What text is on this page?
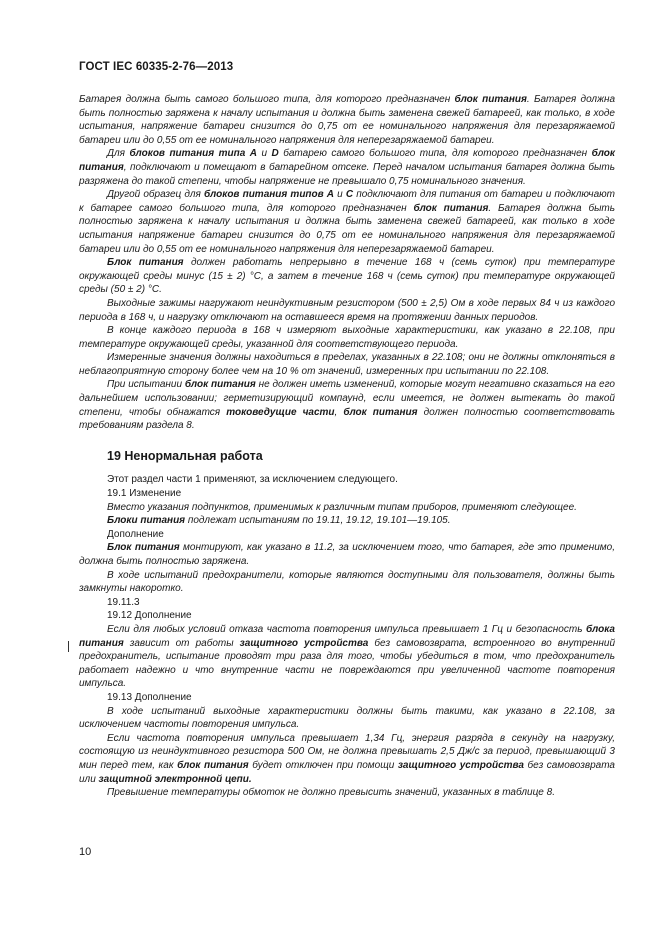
ГОСТ IEC 60335-2-76—2013

Батарея должна быть самого большого типа, для которого предназначен блок питания. Батарея должна быть полностью заряжена к началу испытания и должна быть заменена свежей батареей, как только, в ходе испытания, напряжение батареи снизится до 0,75 от ее номинального напряжения для перезаряжаемой батареи или до 0,55 от ее номинального напряжения для неперезаряжаемой батареи.

Для блоков питания типа A и D батарею самого большого типа, для которого предназначен блок питания, подключают и помещают в батарейном отсеке. Перед началом испытания батарея должна быть разряжена до такой степени, чтобы напряжение не превышало 0,75 номинального значения.

Другой образец для блоков питания типов A и C подключают для питания от батареи и подключают к батарее самого большого типа, для которого предназначен блок питания. Батарея должна быть полностью заряжена к началу испытания и должна быть заменена свежей батареей, как только в ходе испытания напряжение батареи снизится до 0,75 от ее номинального напряжения для перезаряжаемой батареи или до 0,55 от ее номинального напряжения для неперезаряжаемой батареи.

Блок питания должен работать непрерывно в течение 168 ч (семь суток) при температуре окружающей среды минус (15 ± 2) °C, а затем в течение 168 ч (семь суток) при температуре окружающей среды (50 ± 2) °C.

Выходные зажимы нагружают неиндуктивным резистором (500 ± 2,5) Ом в ходе первых 84 ч из каждого периода в 168 ч, и нагрузку отключают на оставшееся время на протяжении данных периодов.

В конце каждого периода в 168 ч измеряют выходные характеристики, как указано в 22.108, при температуре окружающей среды, указанной для соответствующего периода.

Измеренные значения должны находиться в пределах, указанных в 22.108; они не должны отклоняться в неблагоприятную сторону более чем на 10 % от значений, измеренных при испытании по 22.108.

При испытании блок питания не должен иметь изменений, которые могут негативно сказаться на его дальнейшем использовании; герметизирующий компаунд, если имеется, не должен вытекать до такой степени, чтобы обнажатся токоведущие части, блок питания должен полностью соответствовать требованиям раздела 8.

19 Ненормальная работа

Этот раздел части 1 применяют, за исключением следующего.

19.1 Изменение

Вместо указания подпунктов, применимых к различным типам приборов, применяют следующее.

Блоки питания подлежат испытаниям по 19.11, 19.12, 19.101—19.105.

Дополнение

Блок питания монтируют, как указано в 11.2, за исключением того, что батарея, где это применимо, должна быть полностью заряжена.

В ходе испытаний предохранители, которые являются доступными для пользователя, должны быть замкнуты накоротко.

19.11.3

19.12 Дополнение

Если для любых условий отказа частота повторения импульса превышает 1 Гц и безопасность блока питания зависит от работы защитного устройства без самовозврата, встроенного во внутренний предохранитель, испытание проводят три раза для того, чтобы убедиться в том, что предохранитель работает надежно и что внутренние части не повреждаются при увеличенной частоте повторения импульса.

19.13 Дополнение

В ходе испытаний выходные характеристики должны быть такими, как указано в 22.108, за исключением частоты повторения импульса.

Если частота повторения импульса превышает 1,34 Гц, энергия разряда в секунду на нагрузку, состоящую из неиндуктивного резистора 500 Ом, не должна превышать 2,5 Дж/с за период, превышающий 3 мин перед тем, как блок питания будет отключен при помощи защитного устройства без самовозврата или защитной электронной цепи.

Превышение температуры обмоток не должно превысить значений, указанных в таблице 8.

10
